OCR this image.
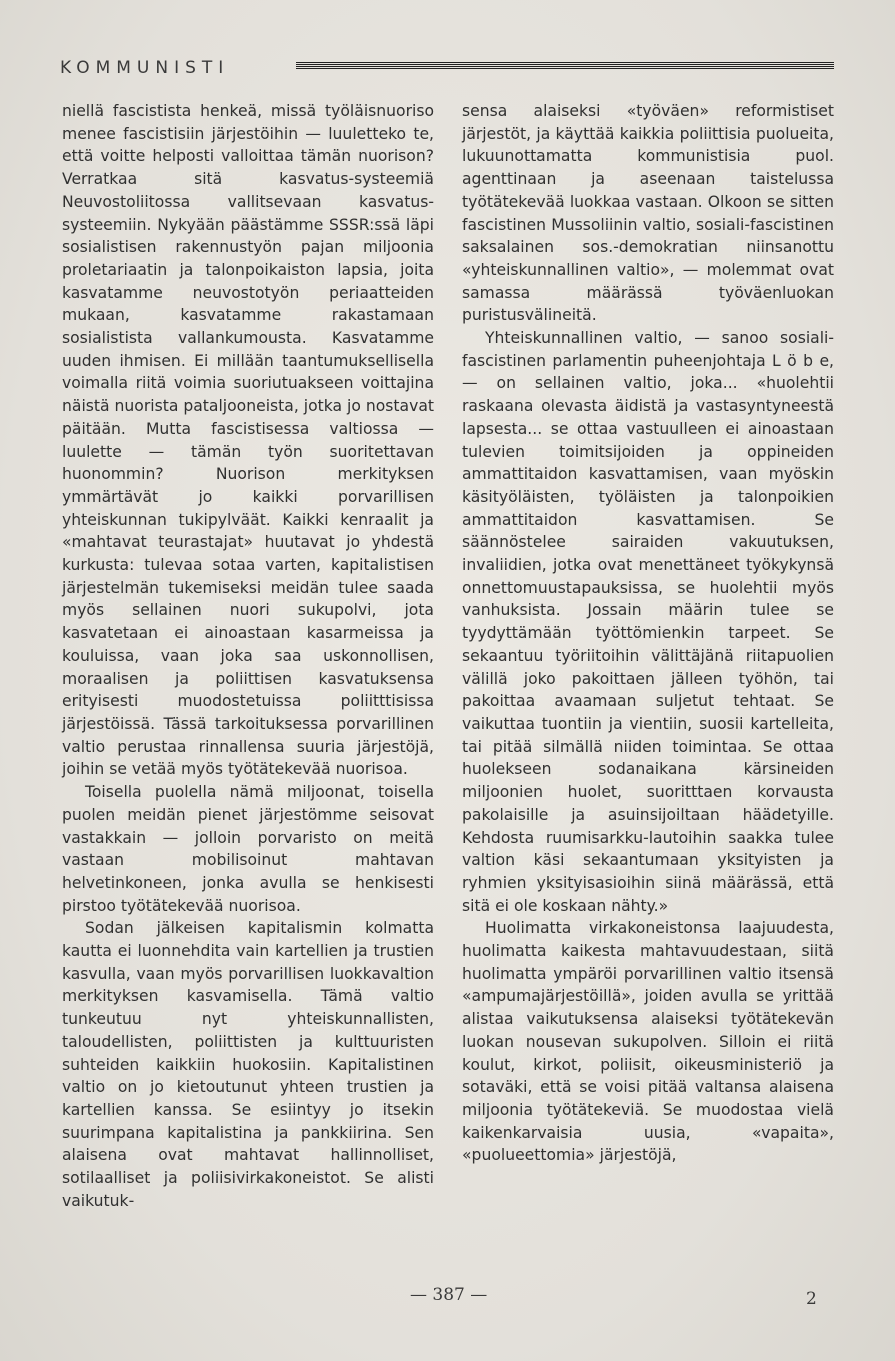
KOMMUNISTI

niellä fascistista henkeä, missä työläisnuoriso menee fascistisiin järjestöihin — luuletteko te, että voitte helposti valloittaa tämän nuorison? Verratkaa sitä kasvatus-systeemiä Neuvostoliitossa vallitsevaan kasvatus-systeemiin. Nykyään päästämme SSSR:ssä läpi sosialistisen rakennustyön pajan miljoonia proletariaatin ja talonpoikaiston lapsia, joita kasvatamme neuvostotyön periaatteiden mukaan, kasvatamme rakastamaan sosialistista vallankumousta. Kasvatamme uuden ihmisen. Ei millään taantumuksellisella voimalla riitä voimia suoriutuakseen voittajina näistä nuorista pataljooneista, jotka jo nostavat päitään. Mutta fascistisessa valtiossa — luulette — tämän työn suoritettavan huonommin? Nuorison merkityksen ymmärtävät jo kaikki porvarillisen yhteiskunnan tukipylväät. Kaikki kenraalit ja «mahtavat teurastajat» huutavat jo yhdestä kurkusta: tulevaa sotaa varten, kapitalistisen järjestelmän tukemiseksi meidän tulee saada myös sellainen nuori sukupolvi, jota kasvatetaan ei ainoastaan kasarmeissa ja kouluissa, vaan joka saa uskonnollisen, moraalisen ja poliittisen kasvatuksensa erityisesti muodostetuissa poliitttisissa järjestöissä. Tässä tarkoituksessa porvarillinen valtio perustaa rinnallensa suuria järjestöjä, joihin se vetää myös työtätekevää nuorisoa.

Toisella puolella nämä miljoonat, toisella puolen meidän pienet järjestömme seisovat vastakkain — jolloin porvaristo on meitä vastaan mobilisoinut mahtavan helvetinkoneen, jonka avulla se henkisesti pirstoo työtätekevää nuorisoa.

Sodan jälkeisen kapitalismin kolmatta kautta ei luonnehdita vain kartellien ja trustien kasvulla, vaan myös porvarillisen luokkavaltion merkityksen kasvamisella. Tämä valtio tunkeutuu nyt yhteiskunnallisten, taloudellisten, poliittisten ja kulttuuristen suhteiden kaikkiin huokosiin. Kapitalistinen valtio on jo kietoutunut yhteen trustien ja kartellien kanssa. Se esiintyy jo itsekin suurimpana kapitalistina ja pankkiirina. Sen alaisena ovat mahtavat hallinnolliset, sotilaalliset ja poliisivirkakoneistot. Se alisti vaikutuk-

sensa alaiseksi «työväen» reformistiset järjestöt, ja käyttää kaikkia poliittisia puolueita, lukuunottamatta kommunistisia puol. agenttinaan ja aseenaan taistelussa työtätekevää luokkaa vastaan. Olkoon se sitten fascistinen Mussoliinin valtio, sosiali-fascistinen saksalainen sos.-demokratian niinsanottu «yhteiskunnallinen valtio», — molemmat ovat samassa määrässä työväenluokan puristusvälineitä.

Yhteiskunnallinen valtio, — sanoo sosiali-fascistinen parlamentin puheenjohtaja L ö b e, — on sellainen valtio, joka... «huolehtii raskaana olevasta äidistä ja vastasyntyneestä lapsesta... se ottaa vastuulleen ei ainoastaan tulevien toimitsijoiden ja oppineiden ammattitaidon kasvattamisen, vaan myöskin käsityöläisten, työläisten ja talonpoikien ammattitaidon kasvattamisen. Se säännöstelee sairaiden vakuutuksen, invaliidien, jotka ovat menettäneet työkykynsä onnettomuustapauksissa, se huolehtii myös vanhuksista. Jossain määrin tulee se tyydyttämään työttömienkin tarpeet. Se sekaantuu työriitoihin välittäjänä riitapuolien välillä joko pakoittaen jälleen työhön, tai pakoittaa avaamaan suljetut tehtaat. Se vaikuttaa tuontiin ja vientiin, suosii kartelleita, tai pitää silmällä niiden toimintaa. Se ottaa huolekseen sodanaikana kärsineiden miljoonien huolet, suoritttaen korvausta pakolaisille ja asuinsijoiltaan häädetyille. Kehdosta ruumisarkku-lautoihin saakka tulee valtion käsi sekaantumaan yksityisten ja ryhmien yksityisasioihin siinä määrässä, että sitä ei ole koskaan nähty.»

Huolimatta virkakoneistonsa laajuudesta, huolimatta kaikesta mahtavuudestaan, siitä huolimatta ympäröi porvarillinen valtio itsensä «ampumajärjestöillä», joiden avulla se yrittää alistaa vaikutuksensa alaiseksi työtätekevän luokan nousevan sukupolven. Silloin ei riitä koulut, kirkot, poliisit, oikeusministeriö ja sotaväki, että se voisi pitää valtansa alaisena miljoonia työtätekeviä. Se muodostaa vielä kaikenkarvaisia uusia, «vapaita», «puolueettomia» järjestöjä,

— 387 —	2
